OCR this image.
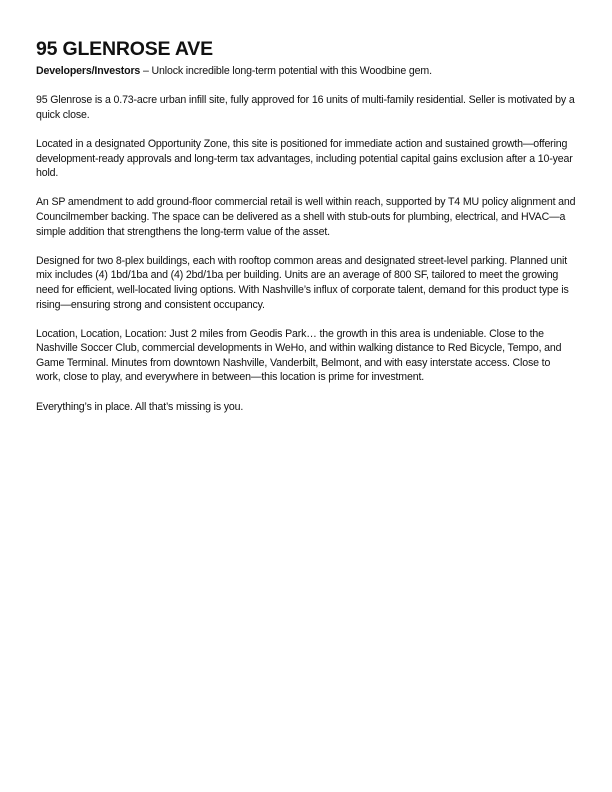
95 GLENROSE AVE

Developers/Investors – Unlock incredible long-term potential with this Woodbine gem.

95 Glenrose is a 0.73-acre urban infill site, fully approved for 16 units of multi-family residential. Seller is motivated by a quick close.

Located in a designated Opportunity Zone, this site is positioned for immediate action and sustained growth—offering development-ready approvals and long-term tax advantages, including potential capital gains exclusion after a 10-year hold.

An SP amendment to add ground-floor commercial retail is well within reach, supported by T4 MU policy alignment and Councilmember backing. The space can be delivered as a shell with stub-outs for plumbing, electrical, and HVAC—a simple addition that strengthens the long-term value of the asset.

Designed for two 8-plex buildings, each with rooftop common areas and designated street-level parking. Planned unit mix includes (4) 1bd/1ba and (4) 2bd/1ba per building. Units are an average of 800 SF, tailored to meet the growing need for efficient, well-located living options. With Nashville’s influx of corporate talent, demand for this product type is rising—ensuring strong and consistent occupancy.

Location, Location, Location: Just 2 miles from Geodis Park… the growth in this area is undeniable. Close to the Nashville Soccer Club, commercial developments in WeHo, and within walking distance to Red Bicycle, Tempo, and Game Terminal. Minutes from downtown Nashville, Vanderbilt, Belmont, and with easy interstate access. Close to work, close to play, and everywhere in between—this location is prime for investment.

Everything’s in place. All that’s missing is you.
